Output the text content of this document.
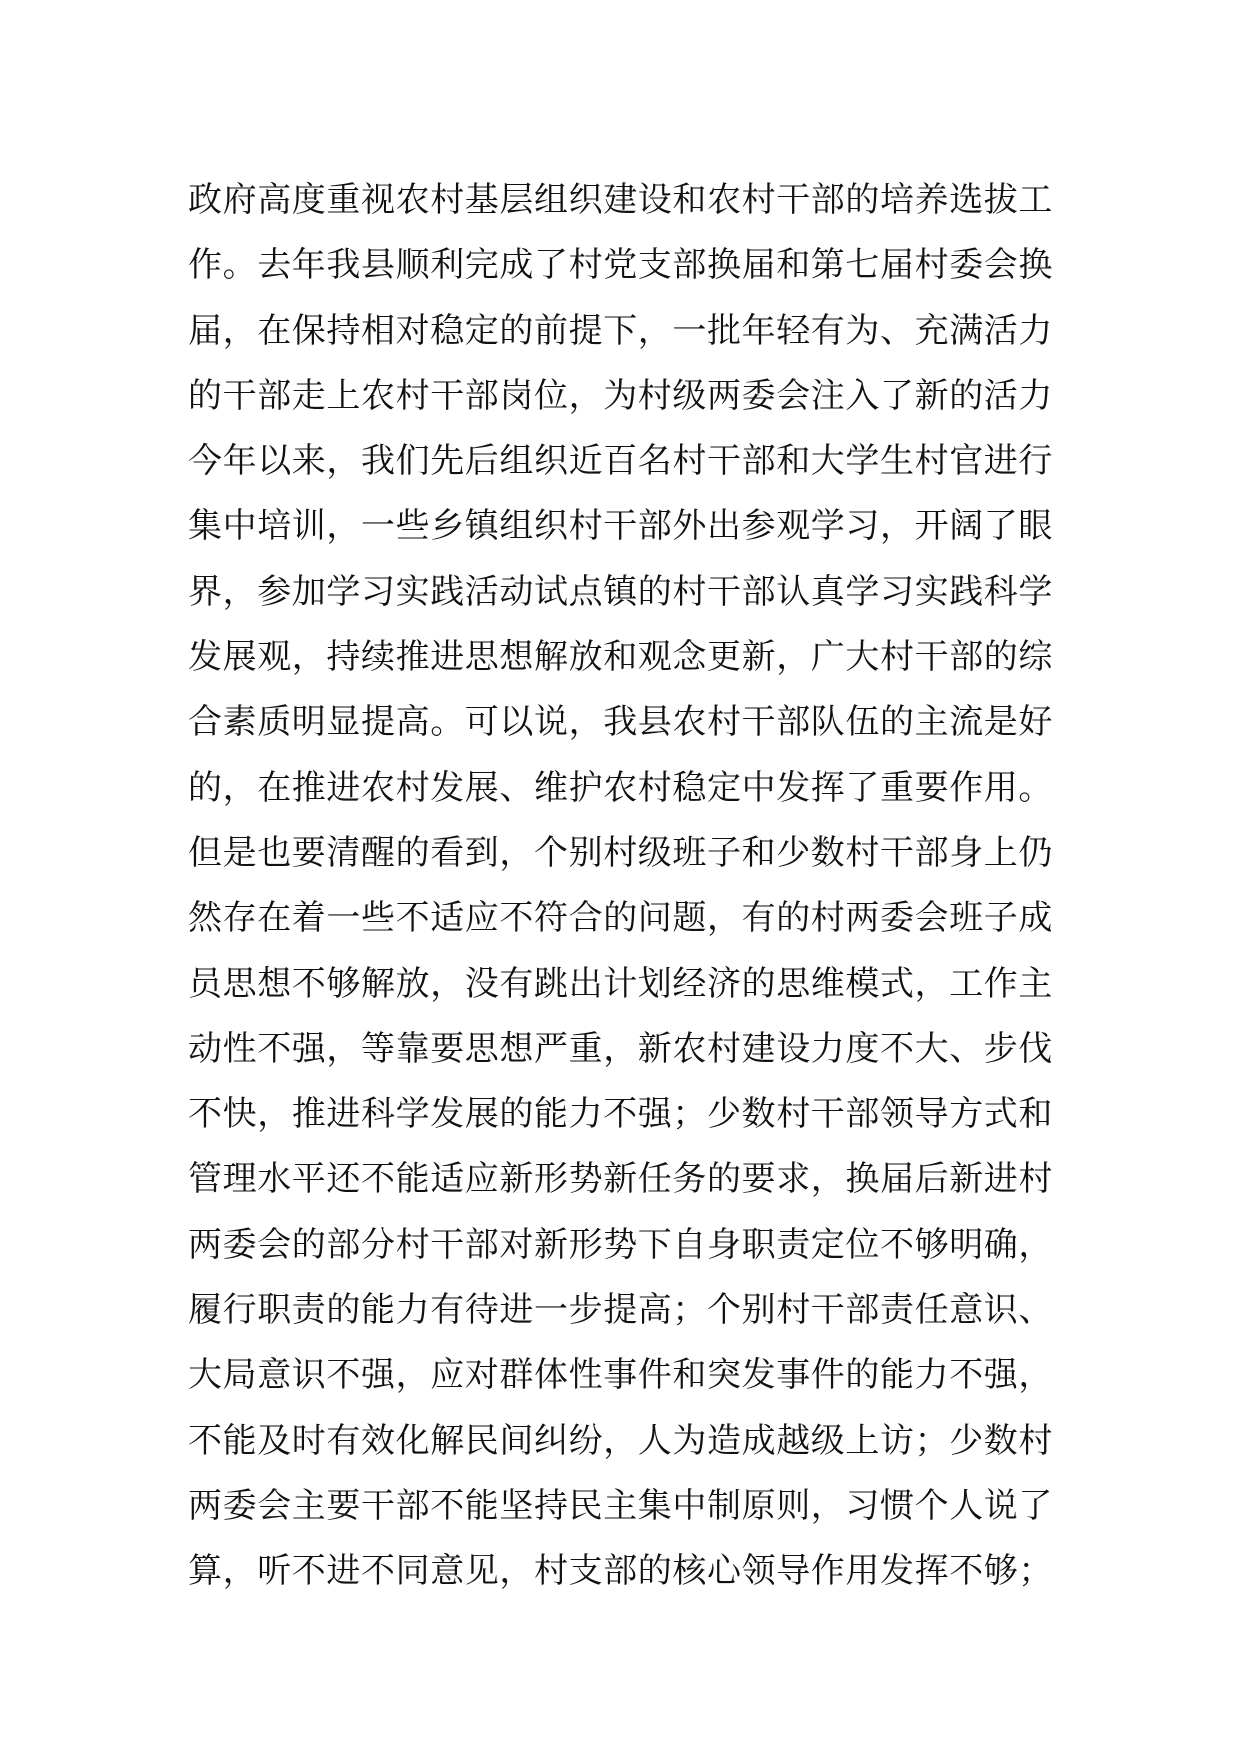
政府高度重视农村基层组织建设和农村干部的培养选拔工
作。去年我县顺利完成了村党支部换届和第七届村委会换
届，在保持相对稳定的前提下，一批年轻有为、充满活力
的干部走上农村干部岗位，为村级两委会注入了新的活力
今年以来，我们先后组织近百名村干部和大学生村官进行
集中培训，一些乡镇组织村干部外出参观学习，开阔了眼
界，参加学习实践活动试点镇的村干部认真学习实践科学
发展观，持续推进思想解放和观念更新，广大村干部的综
合素质明显提高。可以说，我县农村干部队伍的主流是好
的，在推进农村发展、维护农村稳定中发挥了重要作用。
但是也要清醒的看到，个别村级班子和少数村干部身上仍
然存在着一些不适应不符合的问题，有的村两委会班子成
员思想不够解放，没有跳出计划经济的思维模式，工作主
动性不强，等靠要思想严重，新农村建设力度不大、步伐
不快，推进科学发展的能力不强；少数村干部领导方式和
管理水平还不能适应新形势新任务的要求，换届后新进村
两委会的部分村干部对新形势下自身职责定位不够明确，
履行职责的能力有待进一步提高；个别村干部责任意识、
大局意识不强，应对群体性事件和突发事件的能力不强，
不能及时有效化解民间纠纷，人为造成越级上访；少数村
两委会主要干部不能坚持民主集中制原则，习惯个人说了
算，听不进不同意见，村支部的核心领导作用发挥不够；
